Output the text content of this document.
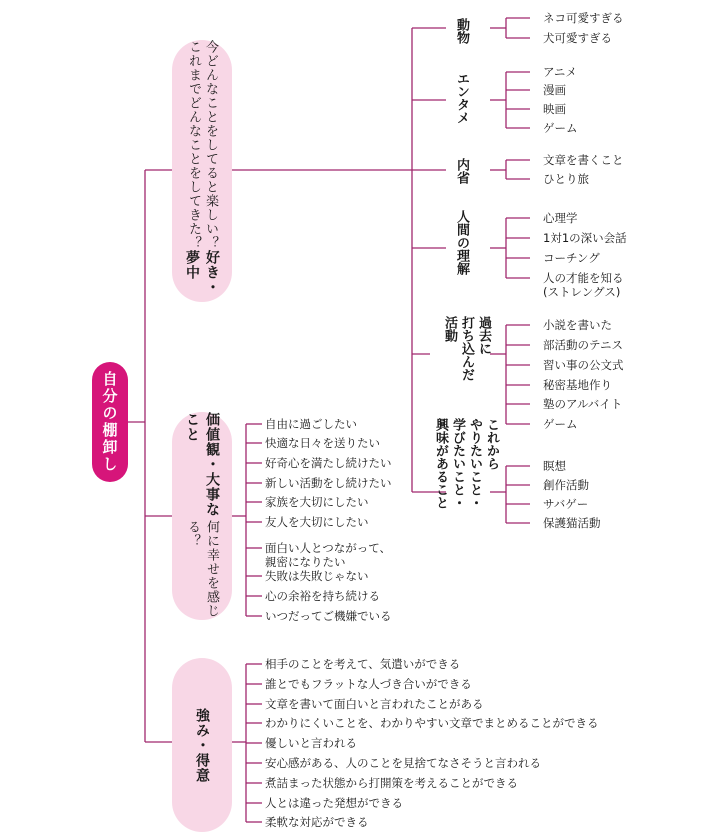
自分の棚卸し
好き・夢中
今どんなことをしてると楽しい？
これまでどんなことをしてきた？
価値観・大事なこと
何に幸せを感じる？
強み・得意
動物	ネコ可愛すぎる
犬可愛すぎる
エンタメ	アニメ
漫画
映画
ゲーム
内省	文章を書くこと
ひとり旅
人間の理解	心理学
1対1の深い会話
コーチング
人の才能を知る
(ストレングス)
過去に
打ち込んだ
活動	小説を書いた
部活動のテニス
習い事の公文式
秘密基地作り
塾のアルバイト
ゲーム
これから
やりたいこと・
学びたいこと・
興味があること	瞑想
創作活動
サバゲー
保護猫活動
自由に過ごしたい
快適な日々を送りたい
好奇心を満たし続けたい
新しい活動をし続けたい
家族を大切にしたい
友人を大切にしたい
面白い人とつながって、
親密になりたい
失敗は失敗じゃない
心の余裕を持ち続ける
いつだってご機嫌でいる
相手のことを考えて、気遣いができる
誰とでもフラットな人づき合いができる
文章を書いて面白いと言われたことがある
わかりにくいことを、わかりやすい文章でまとめることができる
優しいと言われる
安心感がある、人のことを見捨てなさそうと言われる
煮詰まった状態から打開策を考えることができる
人とは違った発想ができる
柔軟な対応ができる
